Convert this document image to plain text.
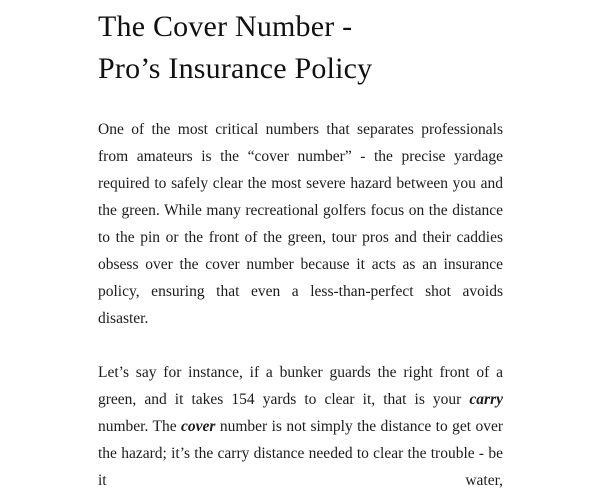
The Cover Number -
Pro’s Insurance Policy

One of the most critical numbers that separates professionals from amateurs is the “cover number” - the precise yardage required to safely clear the most severe hazard between you and the green. While many recreational golfers focus on the distance to the pin or the front of the green, tour pros and their caddies obsess over the cover number because it acts as an insurance policy, ensuring that even a less-than-perfect shot avoids disaster.

Let’s say for instance, if a bunker guards the right front of a green, and it takes 154 yards to clear it, that is your carry number. The cover number is not simply the distance to get over the hazard; it’s the carry distance needed to clear the trouble - be it water,
